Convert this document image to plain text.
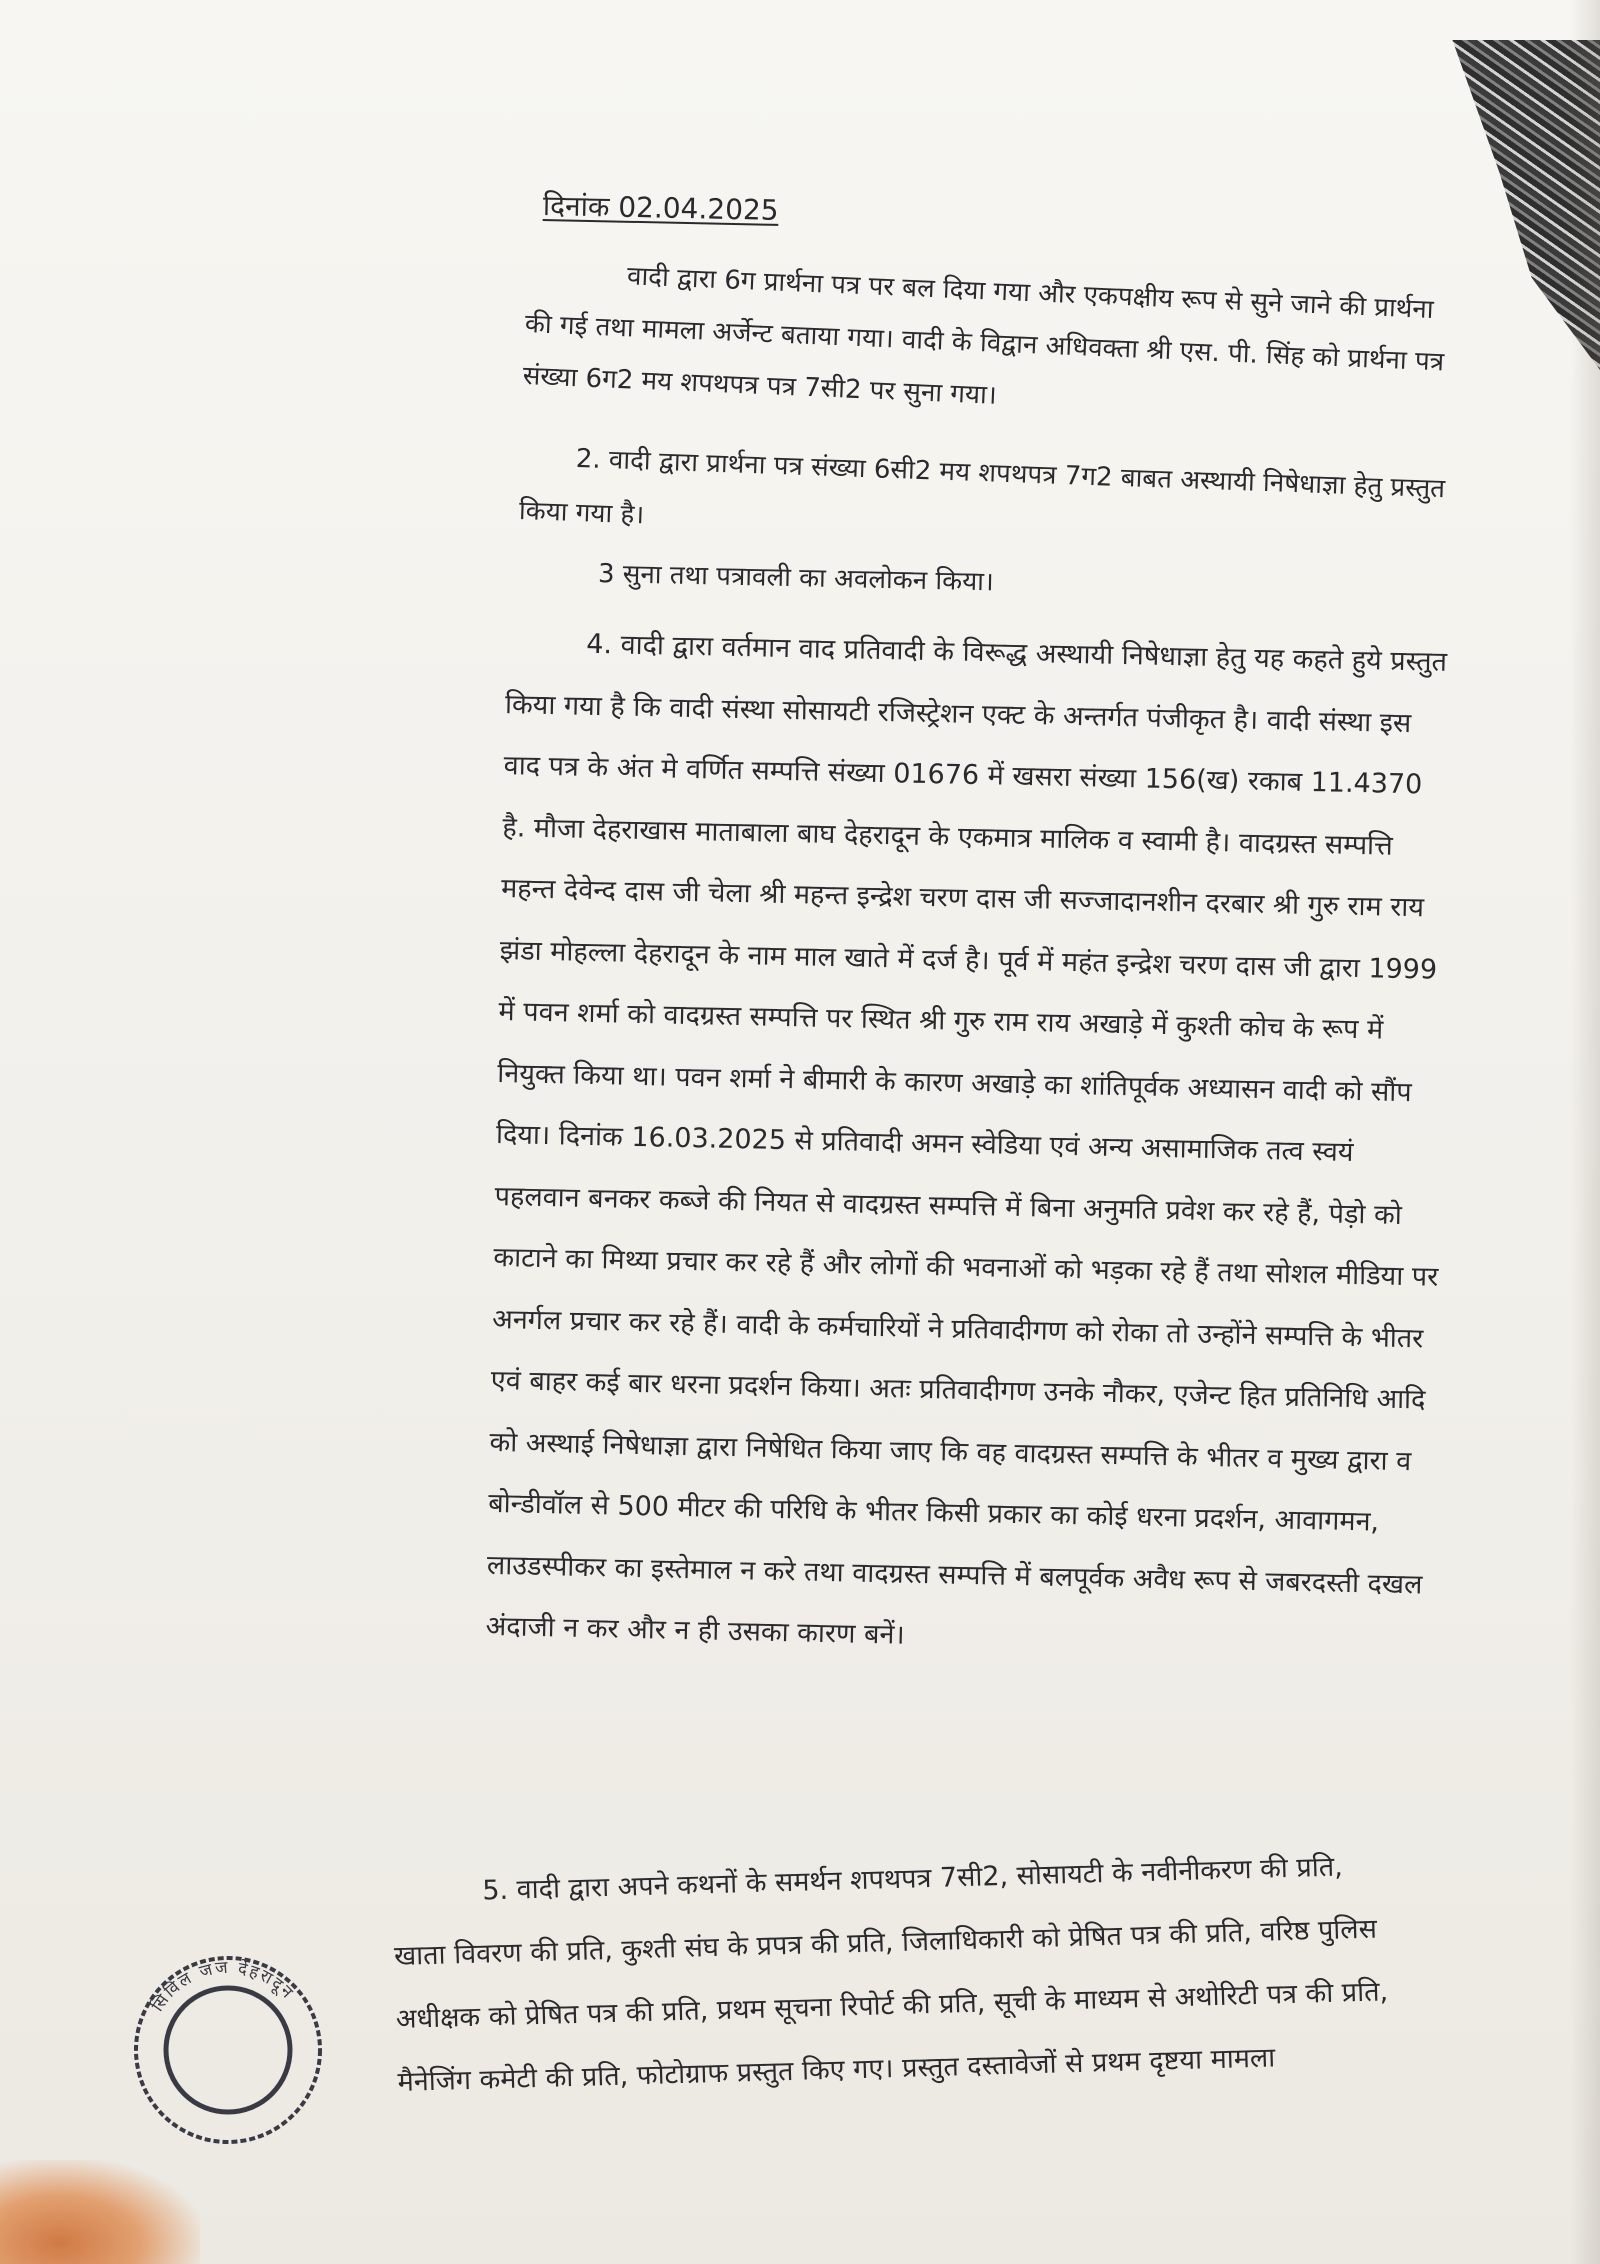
दिनांक 02.04.2025
वादी द्वारा 6ग प्रार्थना पत्र पर बल दिया गया और एकपक्षीय रूप से सुने जाने की प्रार्थना की गई तथा मामला अर्जेन्ट बताया गया। वादी के विद्वान अधिवक्ता श्री एस. पी. सिंह को प्रार्थना पत्र संख्या 6ग2 मय शपथपत्र पत्र 7सी2 पर सुना गया।
2. वादी द्वारा प्रार्थना पत्र संख्या 6सी2 मय शपथपत्र 7ग2 बाबत अस्थायी निषेधाज्ञा हेतु प्रस्तुत किया गया है।
3 सुना तथा पत्रावली का अवलोकन किया।
4. वादी द्वारा वर्तमान वाद प्रतिवादी के विरूद्ध अस्थायी निषेधाज्ञा हेतु यह कहते हुये प्रस्तुत किया गया है कि वादी संस्था सोसायटी रजिस्ट्रेशन एक्ट के अन्तर्गत पंजीकृत है। वादी संस्था इस वाद पत्र के अंत मे वर्णित सम्पत्ति संख्या 01676 में खसरा संख्या 156(ख) रकाब 11.4370 है. मौजा देहराखास माताबाला बाघ देहरादून के एकमात्र मालिक व स्वामी है। वादग्रस्त सम्पत्ति महन्त देवेन्द दास जी चेला श्री महन्त इन्द्रेश चरण दास जी सज्जादानशीन दरबार श्री गुरु राम राय झंडा मोहल्ला देहरादून के नाम माल खाते में दर्ज है। पूर्व में महंत इन्द्रेश चरण दास जी द्वारा 1999 में पवन शर्मा को वादग्रस्त सम्पत्ति पर स्थित श्री गुरु राम राय अखाड़े में कुश्ती कोच के रूप में नियुक्त किया था। पवन शर्मा ने बीमारी के कारण अखाड़े का शांतिपूर्वक अध्यासन वादी को सौंप दिया। दिनांक 16.03.2025 से प्रतिवादी अमन स्वेडिया एवं अन्य असामाजिक तत्व स्वयं पहलवान बनकर कब्जे की नियत से वादग्रस्त सम्पत्ति में बिना अनुमति प्रवेश कर रहे हैं, पेड़ो को काटाने का मिथ्या प्रचार कर रहे हैं और लोगों की भवनाओं को भड़का रहे हैं तथा सोशल मीडिया पर अनर्गल प्रचार कर रहे हैं। वादी के कर्मचारियों ने प्रतिवादीगण को रोका तो उन्होंने सम्पत्ति के भीतर एवं बाहर कई बार धरना प्रदर्शन किया। अतः प्रतिवादीगण उनके नौकर, एजेन्ट हित प्रतिनिधि आदि को अस्थाई निषेधाज्ञा द्वारा निषेधित किया जाए कि वह वादग्रस्त सम्पत्ति के भीतर व मुख्य द्वारा व बोन्डीवॉल से 500 मीटर की परिधि के भीतर किसी प्रकार का कोई धरना प्रदर्शन, आवागमन, लाउडस्पीकर का इस्तेमाल न करे तथा वादग्रस्त सम्पत्ति में बलपूर्वक अवैध रूप से जबरदस्ती दखल अंदाजी न कर और न ही उसका कारण बनें।
5. वादी द्वारा अपने कथनों के समर्थन शपथपत्र 7सी2, सोसायटी के नवीनीकरण की प्रति, खाता विवरण की प्रति, कुश्ती संघ के प्रपत्र की प्रति, जिलाधिकारी को प्रेषित पत्र की प्रति, वरिष्ठ पुलिस अधीक्षक को प्रेषित पत्र की प्रति, प्रथम सूचना रिपोर्ट की प्रति, सूची के माध्यम से अथोरिटी पत्र की प्रति, मैनेजिंग कमेटी की प्रति, फोटोग्राफ प्रस्तुत किए गए। प्रस्तुत दस्तावेजों से प्रथम दृष्टया मामला
सिविल जज देहरादून
